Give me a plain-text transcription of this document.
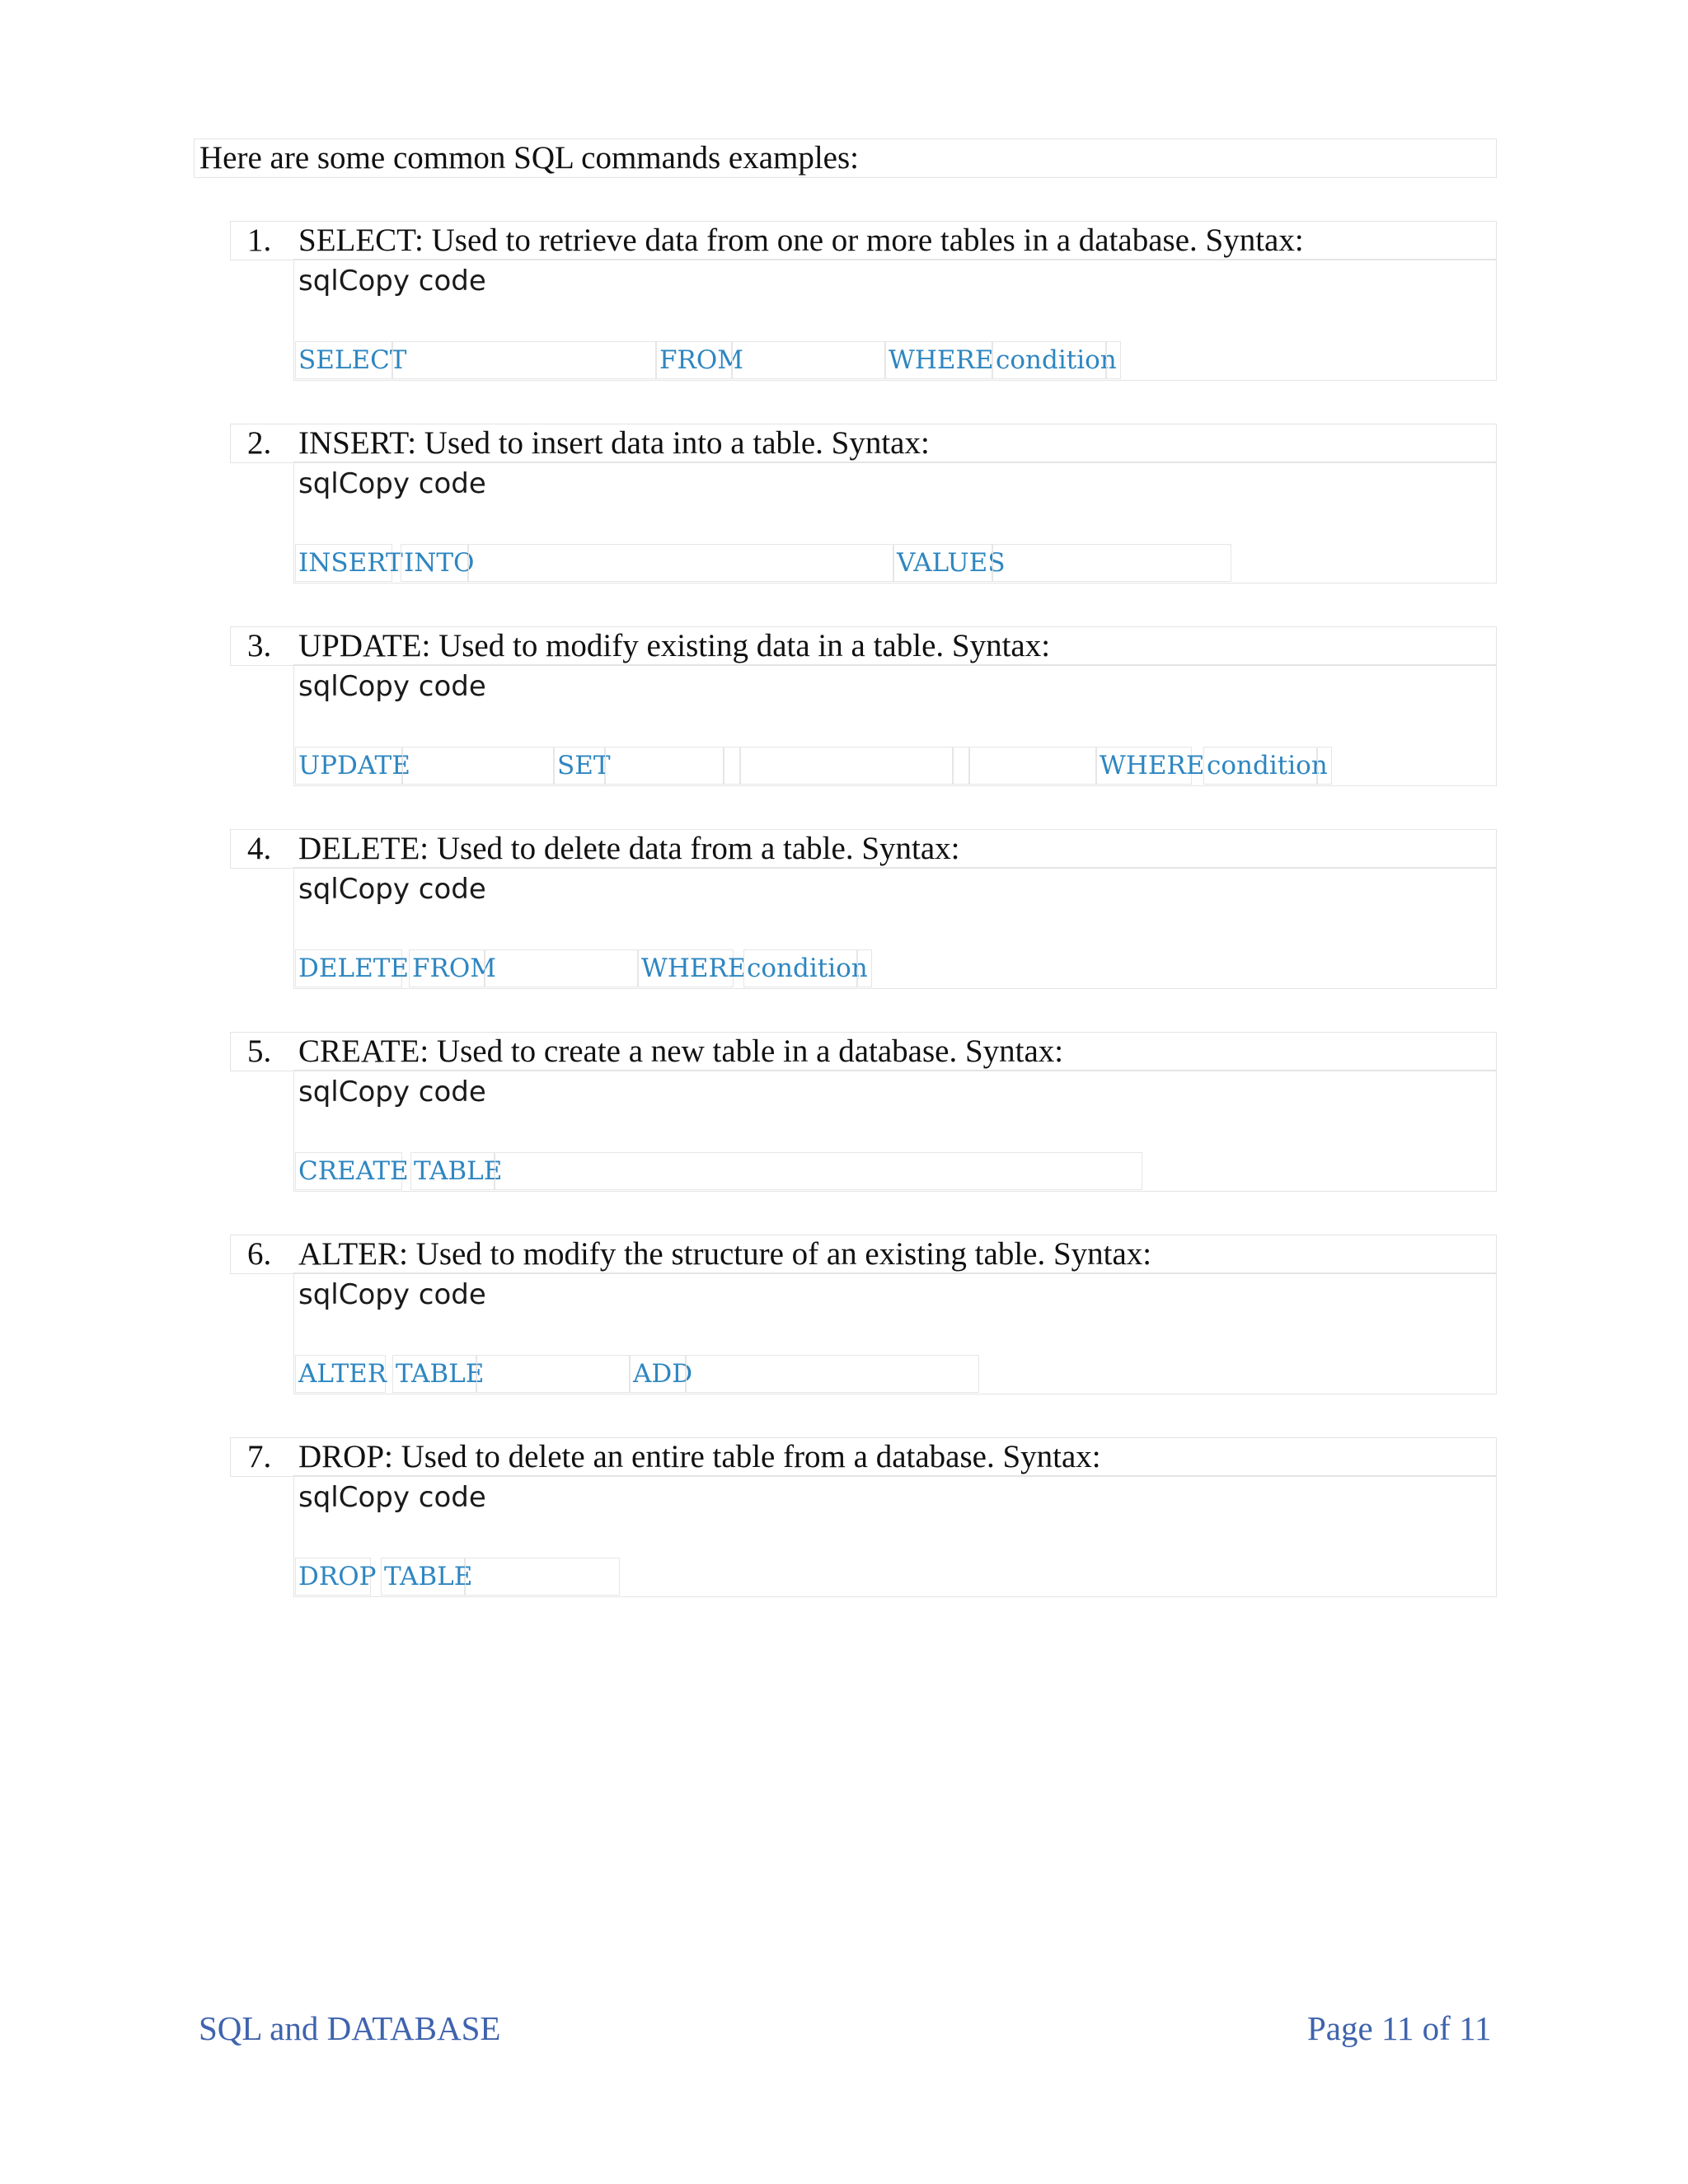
Here are some common SQL commands examples:
1. SELECT: Used to retrieve data from one or more tables in a database. Syntax:
sqlCopy code
SELECT	FROM	WHERE condition
2. INSERT: Used to insert data into a table. Syntax:
sqlCopy code
INSERT INTO	VALUES
3. UPDATE: Used to modify existing data in a table. Syntax:
sqlCopy code
UPDATE	SET	WHERE condition
4. DELETE: Used to delete data from a table. Syntax:
sqlCopy code
DELETE FROM	WHERE condition
5. CREATE: Used to create a new table in a database. Syntax:
sqlCopy code
CREATE TABLE
6. ALTER: Used to modify the structure of an existing table. Syntax:
sqlCopy code
ALTER TABLE	ADD
7. DROP: Used to delete an entire table from a database. Syntax:
sqlCopy code
DROP TABLE
SQL and DATABASE	Page 11 of 11
